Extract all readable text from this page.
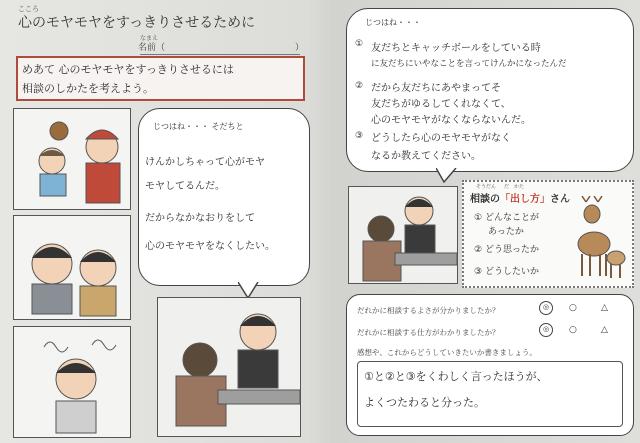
こころ
心のモヤモヤをすっきりさせるために
なまえ
名前（	）
めあて 心のモヤモヤをすっきりさせるには
相談のしかたを考えよう。
じつはね・・・ そだちと
けんかしちゃって心がモヤ
モヤしてるんだ。
だからなかなおりをして
心のモヤモヤをなくしたい。
じつはね・・・
① 友だちとキャッチボールをしている時
に友だちにいやなことを言ってけんかになったんだ
② だから友だちにあやまってそ
友だちがゆるしてくれなくて、
心のモヤモヤがなくならないんだ。
③ どうしたら心のモヤモヤがなく
なるか教えてください。
そうだん だ　かた
相談の「出し方」さん
① どんなことが
あったか
② どう思ったか
③ どうしたいか
だれかに相談するよさが分かりましたか？	◎	○	△
だれかに相談する仕方がわかりましたか？	◎	○	△
感想や、これからどうしていきたいか書きましょう。
①と②と③をくわしく言ったほうが、
よくつたわると分った。
